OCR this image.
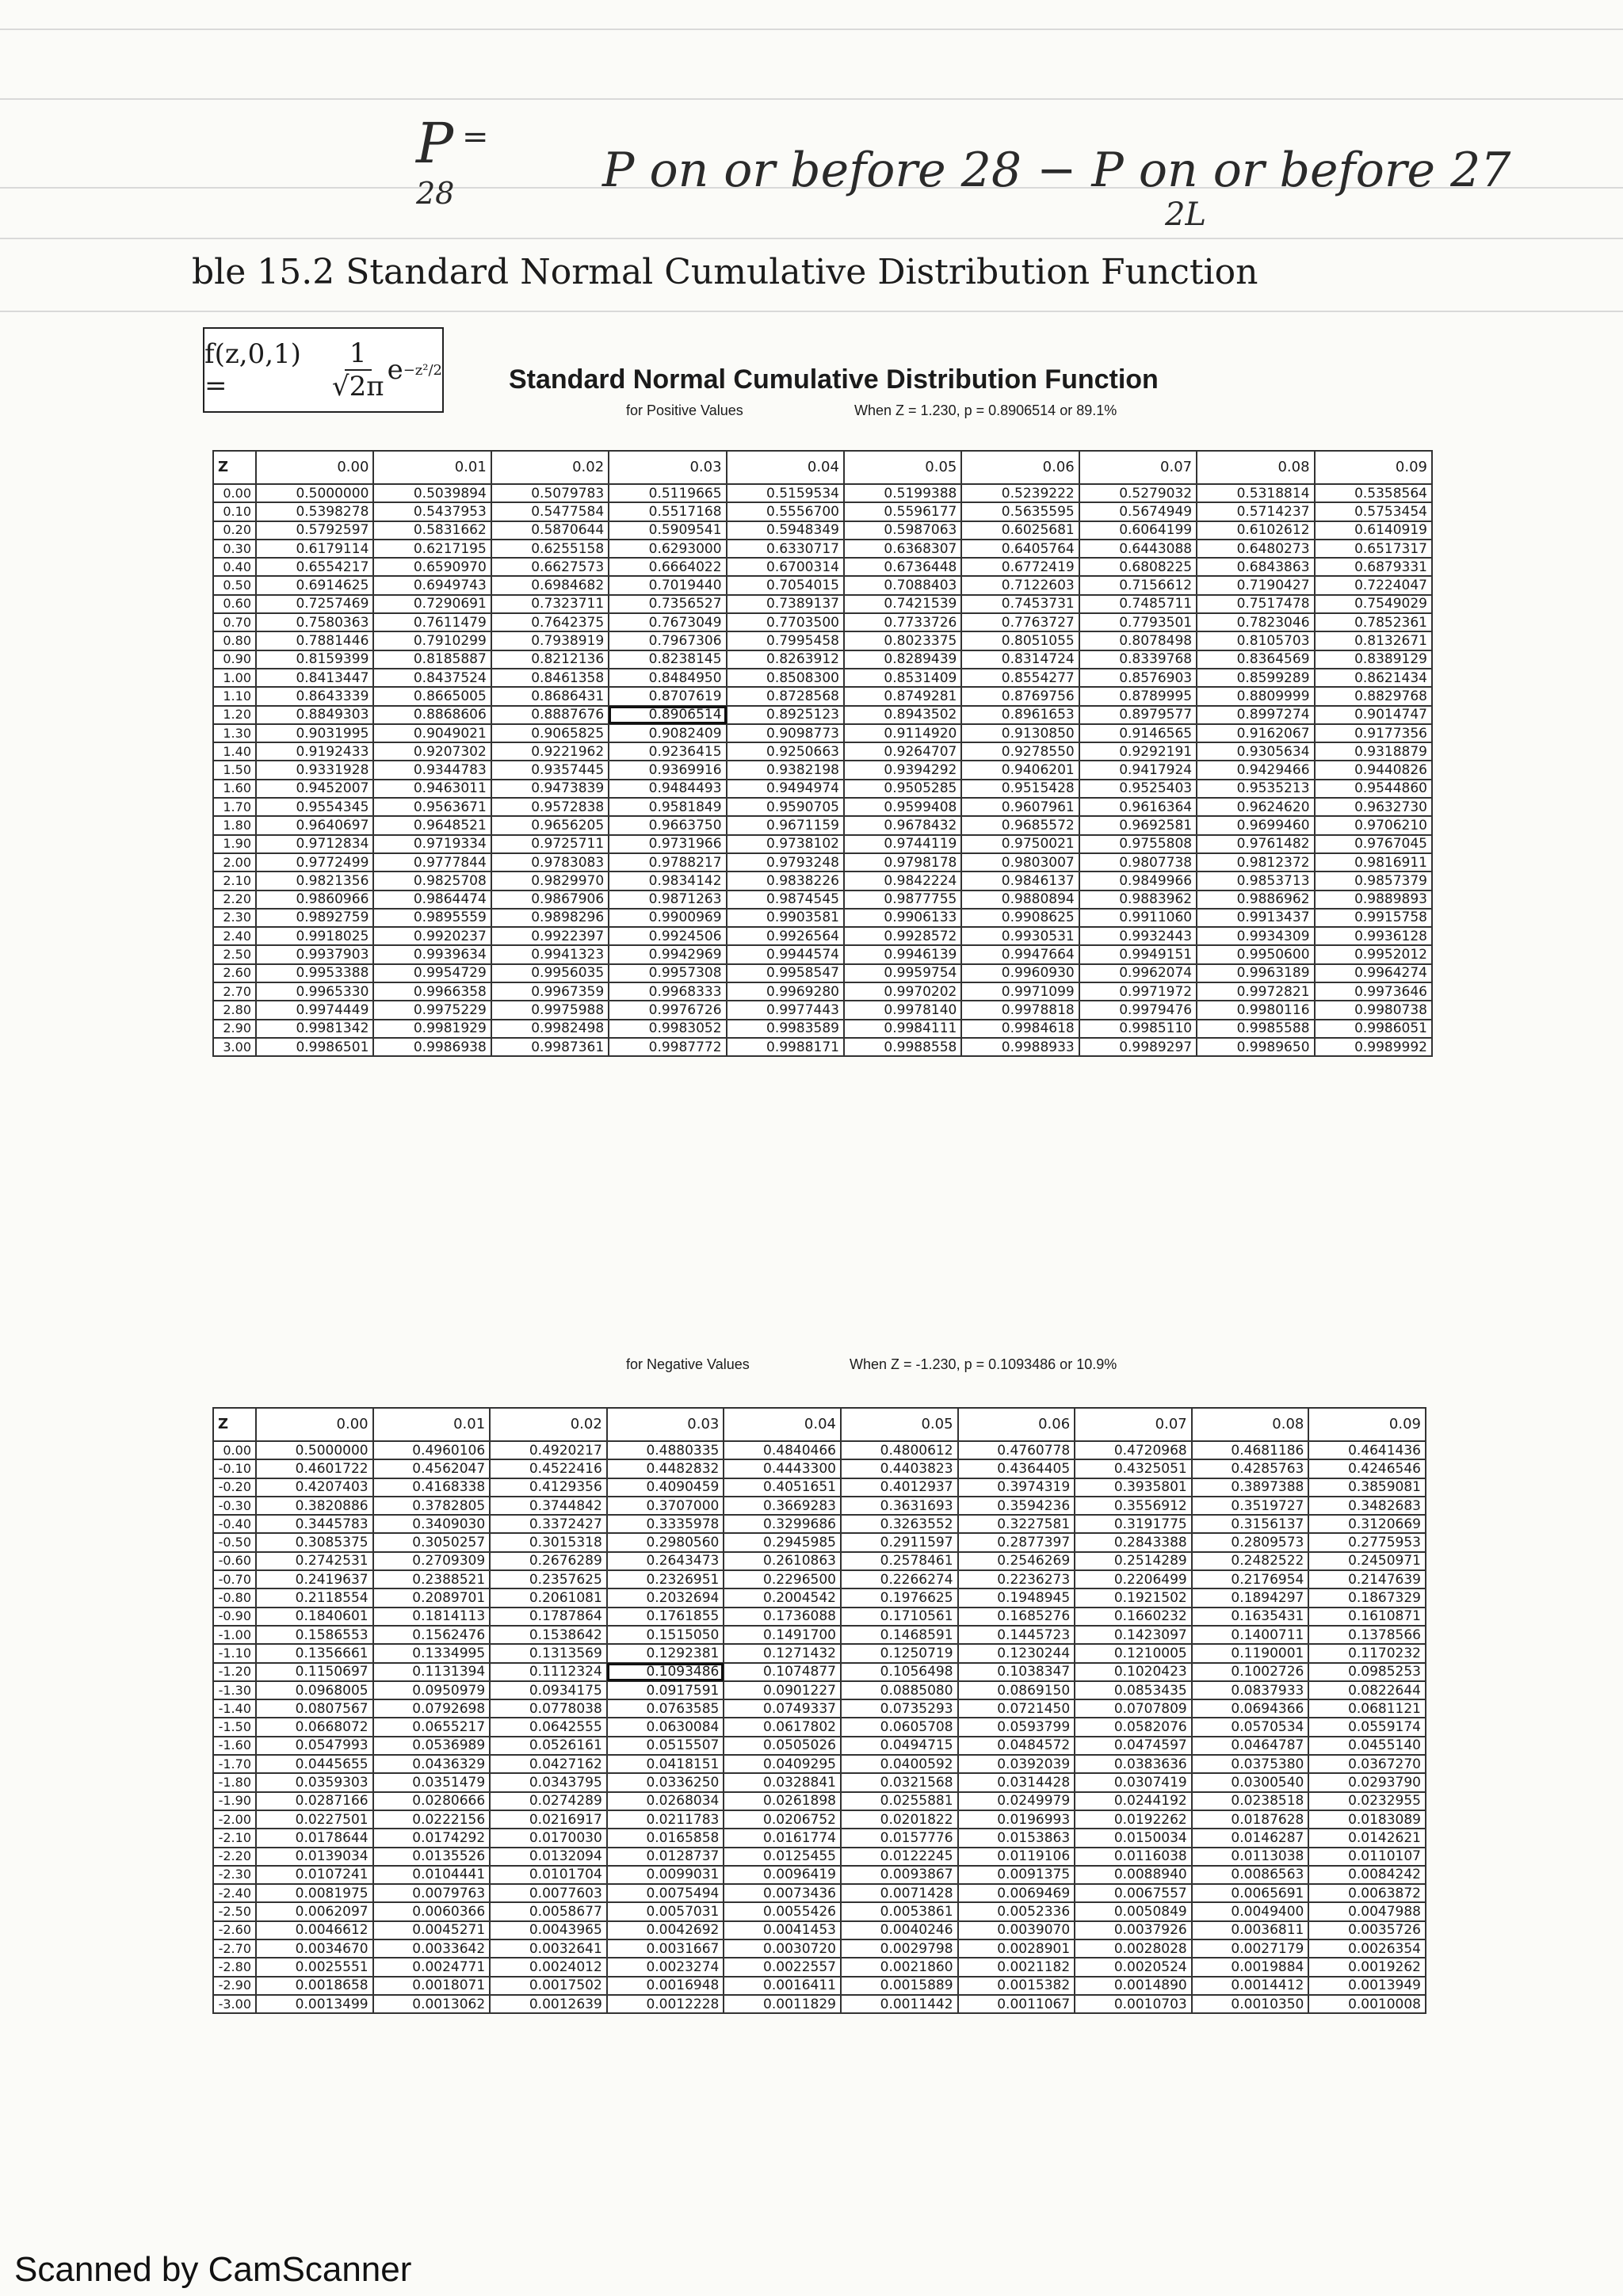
P =
28	P on or before 28 − P on or before 27
2L
ble 15.2 Standard Normal Cumulative Distribution Function
f(z,0,1) =	$\frac{1}{√2\pi}$ e −z²/2 Standard Normal Cumulative Distribution Function
for Positive Values	When Z = 1.230, p = 0.8906514 or 89.1%
Z	0.00	0.01	0.02	0.03	0.04	0.05	0.06	0.07	0.08	0.09
0.00	0.5000000	0.5039894	0.5079783	0.5119665	0.5159534	0.5199388	0.5239222	0.5279032	0.5318814	0.5358564
0.10	0.5398278	0.5437953	0.5477584	0.5517168	0.5556700	0.5596177	0.5635595	0.5674949	0.5714237	0.5753454
0.20	0.5792597	0.5831662	0.5870644	0.5909541	0.5948349	0.5987063	0.6025681	0.6064199	0.6102612	0.6140919
0.30	0.6179114	0.6217195	0.6255158	0.6293000	0.6330717	0.6368307	0.6405764	0.6443088	0.6480273	0.6517317
0.40	0.6554217	0.6590970	0.6627573	0.6664022	0.6700314	0.6736448	0.6772419	0.6808225	0.6843863	0.6879331
0.50	0.6914625	0.6949743	0.6984682	0.7019440	0.7054015	0.7088403	0.7122603	0.7156612	0.7190427	0.7224047
0.60	0.7257469	0.7290691	0.7323711	0.7356527	0.7389137	0.7421539	0.7453731	0.7485711	0.7517478	0.7549029
0.70	0.7580363	0.7611479	0.7642375	0.7673049	0.7703500	0.7733726	0.7763727	0.7793501	0.7823046	0.7852361
0.80	0.7881446	0.7910299	0.7938919	0.7967306	0.7995458	0.8023375	0.8051055	0.8078498	0.8105703	0.8132671
0.90	0.8159399	0.8185887	0.8212136	0.8238145	0.8263912	0.8289439	0.8314724	0.8339768	0.8364569	0.8389129
1.00	0.8413447	0.8437524	0.8461358	0.8484950	0.8508300	0.8531409	0.8554277	0.8576903	0.8599289	0.8621434
1.10	0.8643339	0.8665005	0.8686431	0.8707619	0.8728568	0.8749281	0.8769756	0.8789995	0.8809999	0.8829768
1.20	0.8849303	0.8868606	0.8887676	0.8906514	0.8925123	0.8943502	0.8961653	0.8979577	0.8997274	0.9014747
1.30	0.9031995	0.9049021	0.9065825	0.9082409	0.9098773	0.9114920	0.9130850	0.9146565	0.9162067	0.9177356
1.40	0.9192433	0.9207302	0.9221962	0.9236415	0.9250663	0.9264707	0.9278550	0.9292191	0.9305634	0.9318879
1.50	0.9331928	0.9344783	0.9357445	0.9369916	0.9382198	0.9394292	0.9406201	0.9417924	0.9429466	0.9440826
1.60	0.9452007	0.9463011	0.9473839	0.9484493	0.9494974	0.9505285	0.9515428	0.9525403	0.9535213	0.9544860
1.70	0.9554345	0.9563671	0.9572838	0.9581849	0.9590705	0.9599408	0.9607961	0.9616364	0.9624620	0.9632730
1.80	0.9640697	0.9648521	0.9656205	0.9663750	0.9671159	0.9678432	0.9685572	0.9692581	0.9699460	0.9706210
1.90	0.9712834	0.9719334	0.9725711	0.9731966	0.9738102	0.9744119	0.9750021	0.9755808	0.9761482	0.9767045
2.00	0.9772499	0.9777844	0.9783083	0.9788217	0.9793248	0.9798178	0.9803007	0.9807738	0.9812372	0.9816911
2.10	0.9821356	0.9825708	0.9829970	0.9834142	0.9838226	0.9842224	0.9846137	0.9849966	0.9853713	0.9857379
2.20	0.9860966	0.9864474	0.9867906	0.9871263	0.9874545	0.9877755	0.9880894	0.9883962	0.9886962	0.9889893
2.30	0.9892759	0.9895559	0.9898296	0.9900969	0.9903581	0.9906133	0.9908625	0.9911060	0.9913437	0.9915758
2.40	0.9918025	0.9920237	0.9922397	0.9924506	0.9926564	0.9928572	0.9930531	0.9932443	0.9934309	0.9936128
2.50	0.9937903	0.9939634	0.9941323	0.9942969	0.9944574	0.9946139	0.9947664	0.9949151	0.9950600	0.9952012
2.60	0.9953388	0.9954729	0.9956035	0.9957308	0.9958547	0.9959754	0.9960930	0.9962074	0.9963189	0.9964274
2.70	0.9965330	0.9966358	0.9967359	0.9968333	0.9969280	0.9970202	0.9971099	0.9971972	0.9972821	0.9973646
2.80	0.9974449	0.9975229	0.9975988	0.9976726	0.9977443	0.9978140	0.9978818	0.9979476	0.9980116	0.9980738
2.90	0.9981342	0.9981929	0.9982498	0.9983052	0.9983589	0.9984111	0.9984618	0.9985110	0.9985588	0.9986051
3.00	0.9986501	0.9986938	0.9987361	0.9987772	0.9988171	0.9988558	0.9988933	0.9989297	0.9989650	0.9989992
for Negative Values	When Z = -1.230, p = 0.1093486 or 10.9%
Z	0.00	0.01	0.02	0.03	0.04	0.05	0.06	0.07	0.08	0.09
0.00	0.5000000	0.4960106	0.4920217	0.4880335	0.4840466	0.4800612	0.4760778	0.4720968	0.4681186	0.4641436
-0.10	0.4601722	0.4562047	0.4522416	0.4482832	0.4443300	0.4403823	0.4364405	0.4325051	0.4285763	0.4246546
-0.20	0.4207403	0.4168338	0.4129356	0.4090459	0.4051651	0.4012937	0.3974319	0.3935801	0.3897388	0.3859081
-0.30	0.3820886	0.3782805	0.3744842	0.3707000	0.3669283	0.3631693	0.3594236	0.3556912	0.3519727	0.3482683
-0.40	0.3445783	0.3409030	0.3372427	0.3335978	0.3299686	0.3263552	0.3227581	0.3191775	0.3156137	0.3120669
-0.50	0.3085375	0.3050257	0.3015318	0.2980560	0.2945985	0.2911597	0.2877397	0.2843388	0.2809573	0.2775953
-0.60	0.2742531	0.2709309	0.2676289	0.2643473	0.2610863	0.2578461	0.2546269	0.2514289	0.2482522	0.2450971
-0.70	0.2419637	0.2388521	0.2357625	0.2326951	0.2296500	0.2266274	0.2236273	0.2206499	0.2176954	0.2147639
-0.80	0.2118554	0.2089701	0.2061081	0.2032694	0.2004542	0.1976625	0.1948945	0.1921502	0.1894297	0.1867329
-0.90	0.1840601	0.1814113	0.1787864	0.1761855	0.1736088	0.1710561	0.1685276	0.1660232	0.1635431	0.1610871
-1.00	0.1586553	0.1562476	0.1538642	0.1515050	0.1491700	0.1468591	0.1445723	0.1423097	0.1400711	0.1378566
-1.10	0.1356661	0.1334995	0.1313569	0.1292381	0.1271432	0.1250719	0.1230244	0.1210005	0.1190001	0.1170232
-1.20	0.1150697	0.1131394	0.1112324	0.1093486	0.1074877	0.1056498	0.1038347	0.1020423	0.1002726	0.0985253
-1.30	0.0968005	0.0950979	0.0934175	0.0917591	0.0901227	0.0885080	0.0869150	0.0853435	0.0837933	0.0822644
-1.40	0.0807567	0.0792698	0.0778038	0.0763585	0.0749337	0.0735293	0.0721450	0.0707809	0.0694366	0.0681121
-1.50	0.0668072	0.0655217	0.0642555	0.0630084	0.0617802	0.0605708	0.0593799	0.0582076	0.0570534	0.0559174
-1.60	0.0547993	0.0536989	0.0526161	0.0515507	0.0505026	0.0494715	0.0484572	0.0474597	0.0464787	0.0455140
-1.70	0.0445655	0.0436329	0.0427162	0.0418151	0.0409295	0.0400592	0.0392039	0.0383636	0.0375380	0.0367270
-1.80	0.0359303	0.0351479	0.0343795	0.0336250	0.0328841	0.0321568	0.0314428	0.0307419	0.0300540	0.0293790
-1.90	0.0287166	0.0280666	0.0274289	0.0268034	0.0261898	0.0255881	0.0249979	0.0244192	0.0238518	0.0232955
-2.00	0.0227501	0.0222156	0.0216917	0.0211783	0.0206752	0.0201822	0.0196993	0.0192262	0.0187628	0.0183089
-2.10	0.0178644	0.0174292	0.0170030	0.0165858	0.0161774	0.0157776	0.0153863	0.0150034	0.0146287	0.0142621
-2.20	0.0139034	0.0135526	0.0132094	0.0128737	0.0125455	0.0122245	0.0119106	0.0116038	0.0113038	0.0110107
-2.30	0.0107241	0.0104441	0.0101704	0.0099031	0.0096419	0.0093867	0.0091375	0.0088940	0.0086563	0.0084242
-2.40	0.0081975	0.0079763	0.0077603	0.0075494	0.0073436	0.0071428	0.0069469	0.0067557	0.0065691	0.0063872
-2.50	0.0062097	0.0060366	0.0058677	0.0057031	0.0055426	0.0053861	0.0052336	0.0050849	0.0049400	0.0047988
-2.60	0.0046612	0.0045271	0.0043965	0.0042692	0.0041453	0.0040246	0.0039070	0.0037926	0.0036811	0.0035726
-2.70	0.0034670	0.0033642	0.0032641	0.0031667	0.0030720	0.0029798	0.0028901	0.0028028	0.0027179	0.0026354
-2.80	0.0025551	0.0024771	0.0024012	0.0023274	0.0022557	0.0021860	0.0021182	0.0020524	0.0019884	0.0019262
-2.90	0.0018658	0.0018071	0.0017502	0.0016948	0.0016411	0.0015889	0.0015382	0.0014890	0.0014412	0.0013949
-3.00	0.0013499	0.0013062	0.0012639	0.0012228	0.0011829	0.0011442	0.0011067	0.0010703	0.0010350	0.0010008
Scanned by CamScanner
